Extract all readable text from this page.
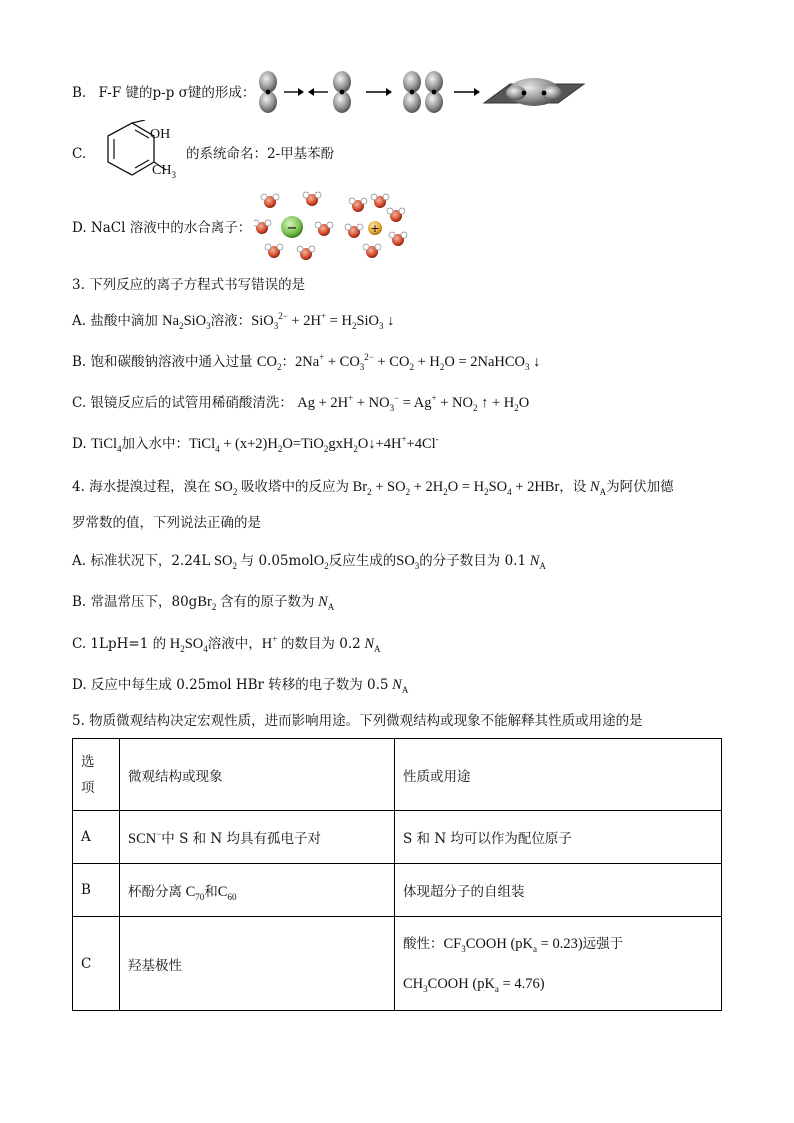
B. F-F 键的p-p σ键的形成：
C.
OH
$CH_3$
的系统命名：2-甲基苯酚
D. NaCl 溶液中的水合离子：	−	+
3. 下列反应的离子方程式书写错误的是
A. 盐酸中滴加 $Na_2SiO_3$溶液：$SiO_3^{2-} + 2H^+ = H_2SiO_3$ ↓
B. 饱和碳酸钠溶液中通入过量 $CO_2$：$2Na^+ + CO_3^{2-} + CO_2 + H_2O$ = 2NaHCO$_3$ ↓
C. 银镜反应后的试管用稀硝酸清洗： $Ag + 2H^+ + NO_3^- = Ag^+ + NO_2$ ↑ + $H_2O$
D. TiCl$_4$加入水中：TiCl$_4$ + $(x+2)H_2O=TiO_2gxH_2O↓+4H^++4Cl^-$
4. 海水提溴过程，溴在 $SO_2$ 吸收塔中的反应为 $Br_2 + SO_2 + 2H_2O = H_2SO_4 + 2HBr$，设 $N_A$为阿伏加德
罗常数的值，下列说法正确的是
A. 标准状况下，2.24L $SO_2$ 与 0.05molO$_2$反应生成的$SO_3$的分子数目为 0.1 $N_A$
B. 常温常压下，80gBr$_2$ 含有的原子数为 $N_A$
C. 1LpH=1 的 $H_2SO_4$溶液中，H+ 的数目为 0.2 $N_A$
D. 反应中每生成 0.25mol HBr 转移的电子数为 0.5 $N_A$
5. 物质微观结构决定宏观性质，进而影响用途。下列微观结构或现象不能解释其性质或用途的是
选项	微观结构或现象	性质或用途
A	SCN−中 S 和 N 均具有孤电子对	S 和 N 均可以作为配位原子
B	杯酚分离 $C_{70}$和$C_{60}$	体现超分子的自组装
C	羟基极性	酸性：$CF_3COOH$ $(pK_a = 0.23)$远强于
$CH_3COOH$ $(pK_a = 4.76)$
